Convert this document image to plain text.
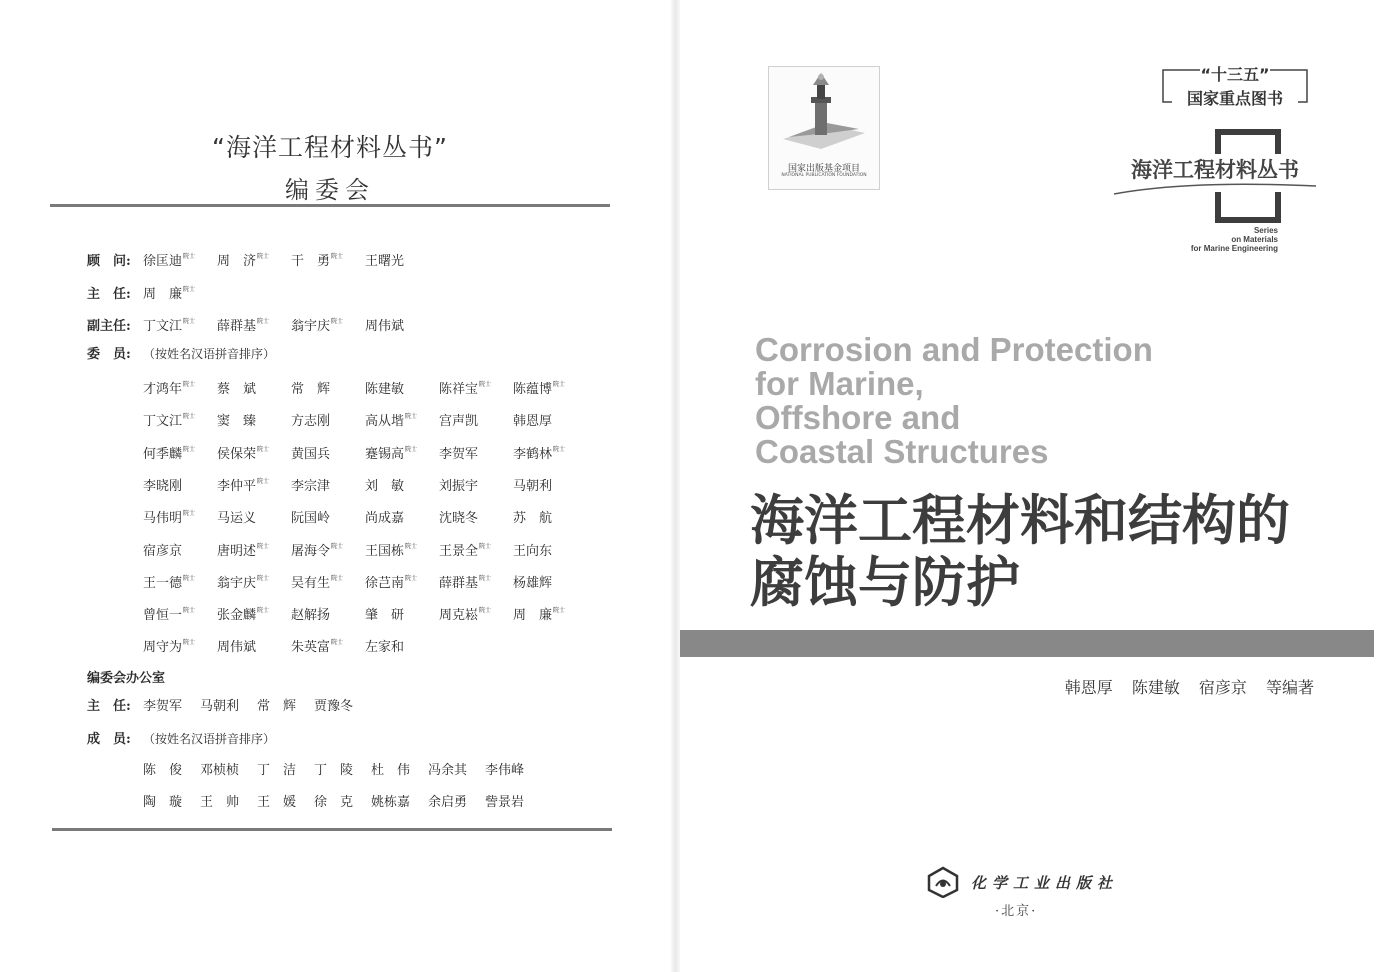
“海洋工程材料丛书”
编委会
顾　问: 徐匡迪$^{院士}$ 周　济$^{院士}$ 干　勇$^{院士}$ 王曙光
主　任: 周　廉$^{院士}$
副主任: 丁文江$^{院士}$ 薛群基$^{院士}$ 翁宇庆$^{院士}$ 周伟斌
委　员: （按姓名汉语拼音排序）
才鸿年$^{院士}$ 蔡　斌	常　辉	陈建敏	陈祥宝$^{院士}$ 陈蕴博$^{院士}$
丁文江$^{院士}$ 窦　臻	方志刚	高从堦$^{院士}$ 宫声凯	韩恩厚
何季麟$^{院士}$ 侯保荣$^{院士}$ 黄国兵	蹇锡高$^{院士}$ 李贺军	李鹤林$^{院士}$
李晓刚	李仲平$^{院士}$ 李宗津	刘　敏	刘振宇	马朝利
马伟明$^{院士}$ 马运义	阮国岭	尚成嘉	沈晓冬	苏　航
宿彦京	唐明述$^{院士}$ 屠海令$^{院士}$ 王国栋$^{院士}$ 王景全$^{院士}$ 王向东
王一德$^{院士}$ 翁宇庆$^{院士}$ 吴有生$^{院士}$ 徐芑南$^{院士}$ 薛群基$^{院士}$ 杨雄辉
曾恒一$^{院士}$ 张金麟$^{院士}$ 赵解扬	肇　研	周克崧$^{院士}$ 周　廉$^{院士}$
周守为$^{院士}$ 周伟斌	朱英富$^{院士}$ 左家和
编委会办公室
主　任: 李贺军 马朝利 常　辉 贾豫冬
成　员: （按姓名汉语拼音排序）
陈　俊 邓桢桢 丁　洁 丁　陵 杜　伟 冯余其 李伟峰
陶　璇 王　帅 王　媛 徐　克 姚栋嘉 余启勇 訾景岩
国家出版基金项目
NATIONAL PUBLICATION FOUNDATION
“十三五”
国家重点图书
海洋工程材料丛书
Series
on Materials
for Marine Engineering
Corrosion and Protection
for Marine,
Offshore and
Coastal Structures
海洋工程材料和结构的
腐蚀与防护
韩恩厚 陈建敏 宿彦京 等编著
化学工业出版社
·北京·
